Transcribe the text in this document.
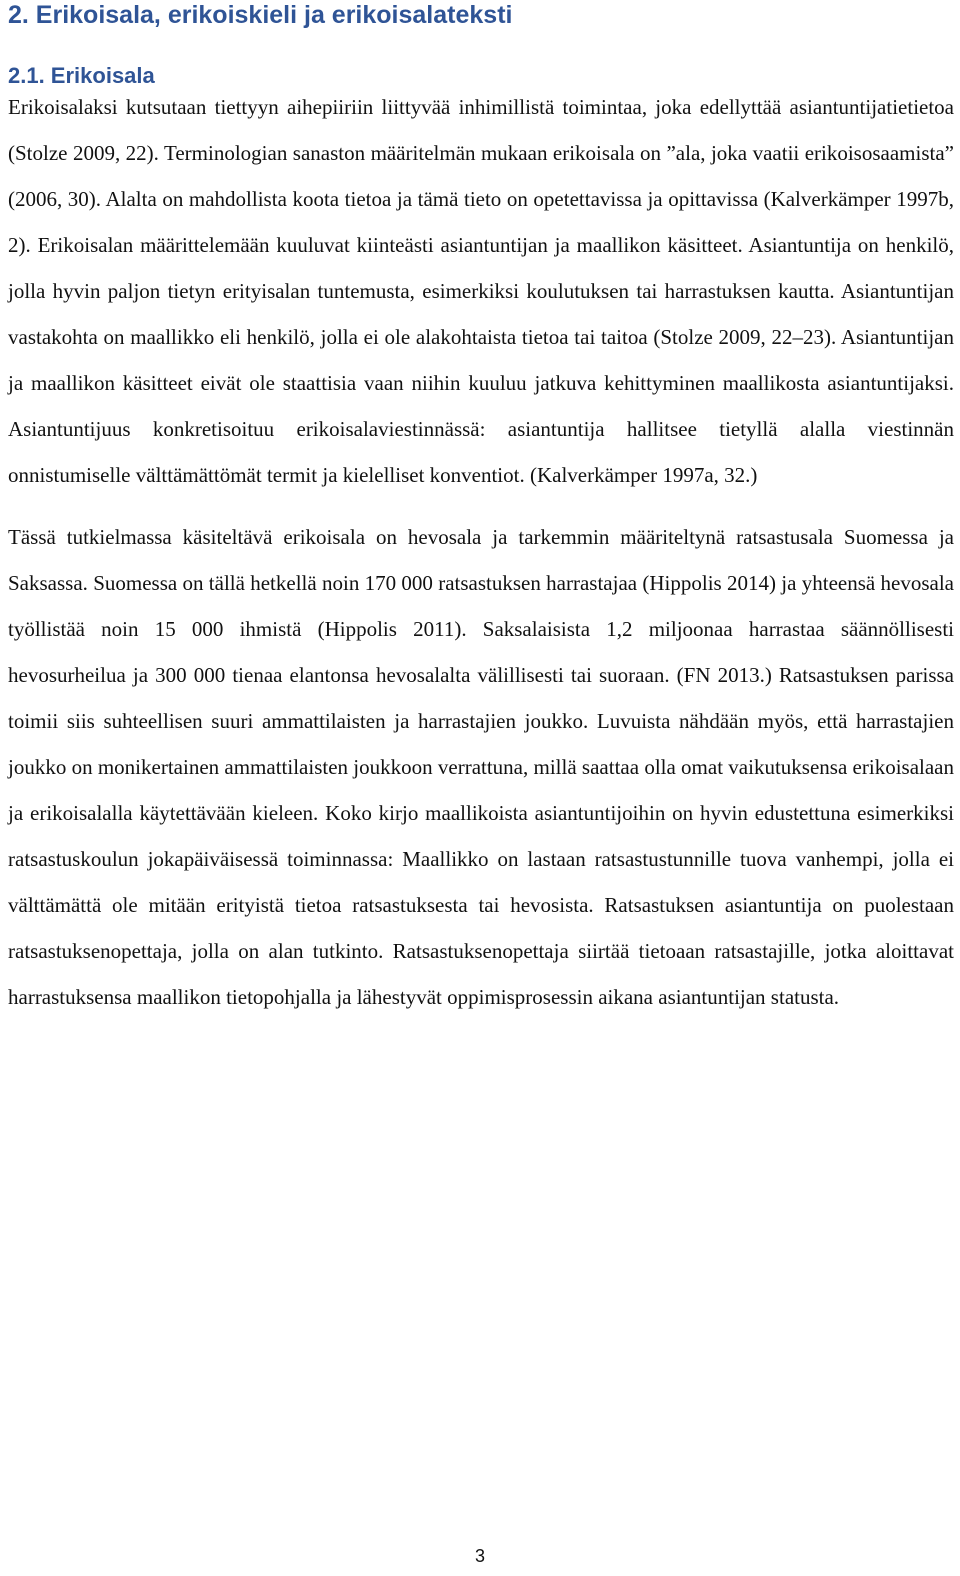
2. Erikoisala, erikoiskieli ja erikoisalateksti
2.1. Erikoisala

Erikoisalaksi kutsutaan tiettyyn aihepiiriin liittyvää inhimillistä toimintaa, joka edellyttää asiantuntijatietietoa (Stolze 2009, 22). Terminologian sanaston määritelmän mukaan erikoisala on ”ala, joka vaatii erikoisosaamista” (2006, 30). Alalta on mahdollista koota tietoa ja tämä tieto on opetettavissa ja opittavissa (Kalverkämper 1997b, 2). Erikoisalan määrittelemään kuuluvat kiinteästi asiantuntijan ja maallikon käsitteet. Asiantuntija on henkilö, jolla hyvin paljon tietyn erityisalan tuntemusta, esimerkiksi koulutuksen tai harrastuksen kautta. Asiantuntijan vastakohta on maallikko eli henkilö, jolla ei ole alakohtaista tietoa tai taitoa (Stolze 2009, 22–23). Asiantuntijan ja maallikon käsitteet eivät ole staattisia vaan niihin kuuluu jatkuva kehittyminen maallikosta asiantuntijaksi. Asiantuntijuus konkretisoituu erikoisalaviestinnässä: asiantuntija hallitsee tietyllä alalla viestinnän onnistumiselle välttämättömät termit ja kielelliset konventiot. (Kalverkämper 1997a, 32.)

Tässä tutkielmassa käsiteltävä erikoisala on hevosala ja tarkemmin määriteltynä ratsastusala Suomessa ja Saksassa. Suomessa on tällä hetkellä noin 170 000 ratsastuksen harrastajaa (Hippolis 2014) ja yhteensä hevosala työllistää noin 15 000 ihmistä (Hippolis 2011). Saksalaisista 1,2 miljoonaa harrastaa säännöllisesti hevosurheilua ja 300 000 tienaa elantonsa hevosalalta välillisesti tai suoraan. (FN 2013.) Ratsastuksen parissa toimii siis suhteellisen suuri ammattilaisten ja harrastajien joukko. Luvuista nähdään myös, että harrastajien joukko on monikertainen ammattilaisten joukkoon verrattuna, millä saattaa olla omat vaikutuksensa erikoisalaan ja erikoisalalla käytettävään kieleen. Koko kirjo maallikoista asiantuntijoihin on hyvin edustettuna esimerkiksi ratsastuskoulun jokapäiväisessä toiminnassa: Maallikko on lastaan ratsastustunnille tuova vanhempi, jolla ei välttämättä ole mitään erityistä tietoa ratsastuksesta tai hevosista. Ratsastuksen asiantuntija on puolestaan ratsastuksenopettaja, jolla on alan tutkinto. Ratsastuksenopettaja siirtää tietoaan ratsastajille, jotka aloittavat harrastuksensa maallikon tietopohjalla ja lähestyvät oppimisprosessin aikana asiantuntijan statusta.

3
